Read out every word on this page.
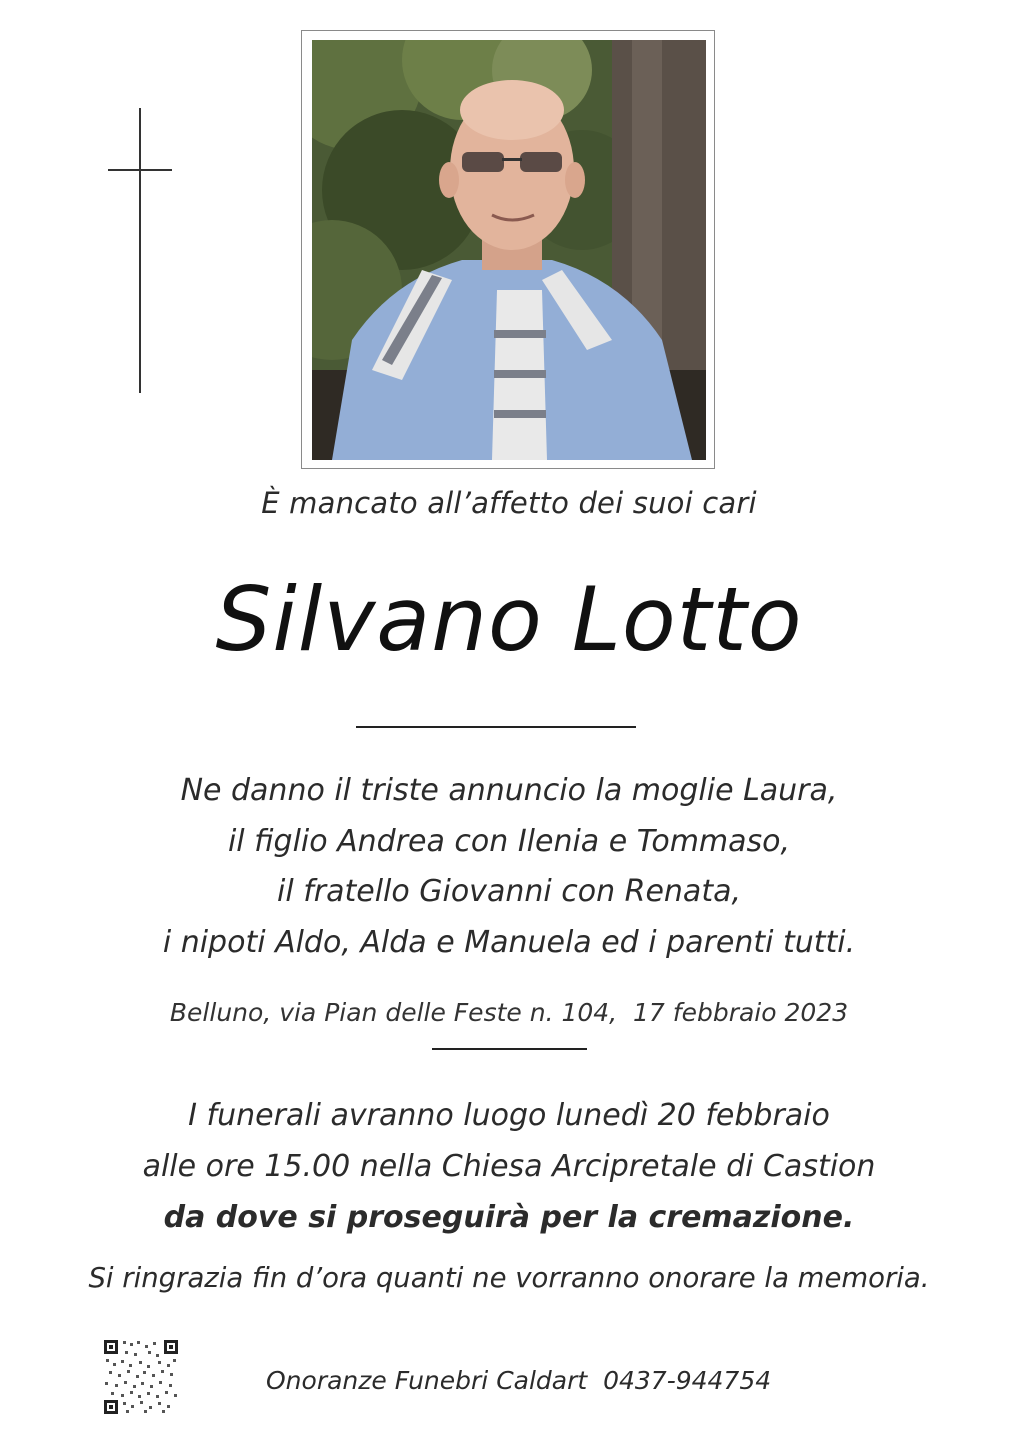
È mancato all’affetto dei suoi cari
Silvano Lotto
Ne danno il triste annuncio la moglie Laura,
il figlio Andrea con Ilenia e Tommaso,
il fratello Giovanni con Renata,
i nipoti Aldo, Alda e Manuela ed i parenti tutti.
Belluno, via Pian delle Feste n. 104,  17 febbraio 2023
I funerali avranno luogo lunedì 20 febbraio
alle ore 15.00 nella Chiesa Arcipretale di Castion
da dove si proseguirà per la cremazione.
Si ringrazia fin d’ora quanti ne vorranno onorare la memoria.
Onoranze Funebri Caldart  0437-944754
